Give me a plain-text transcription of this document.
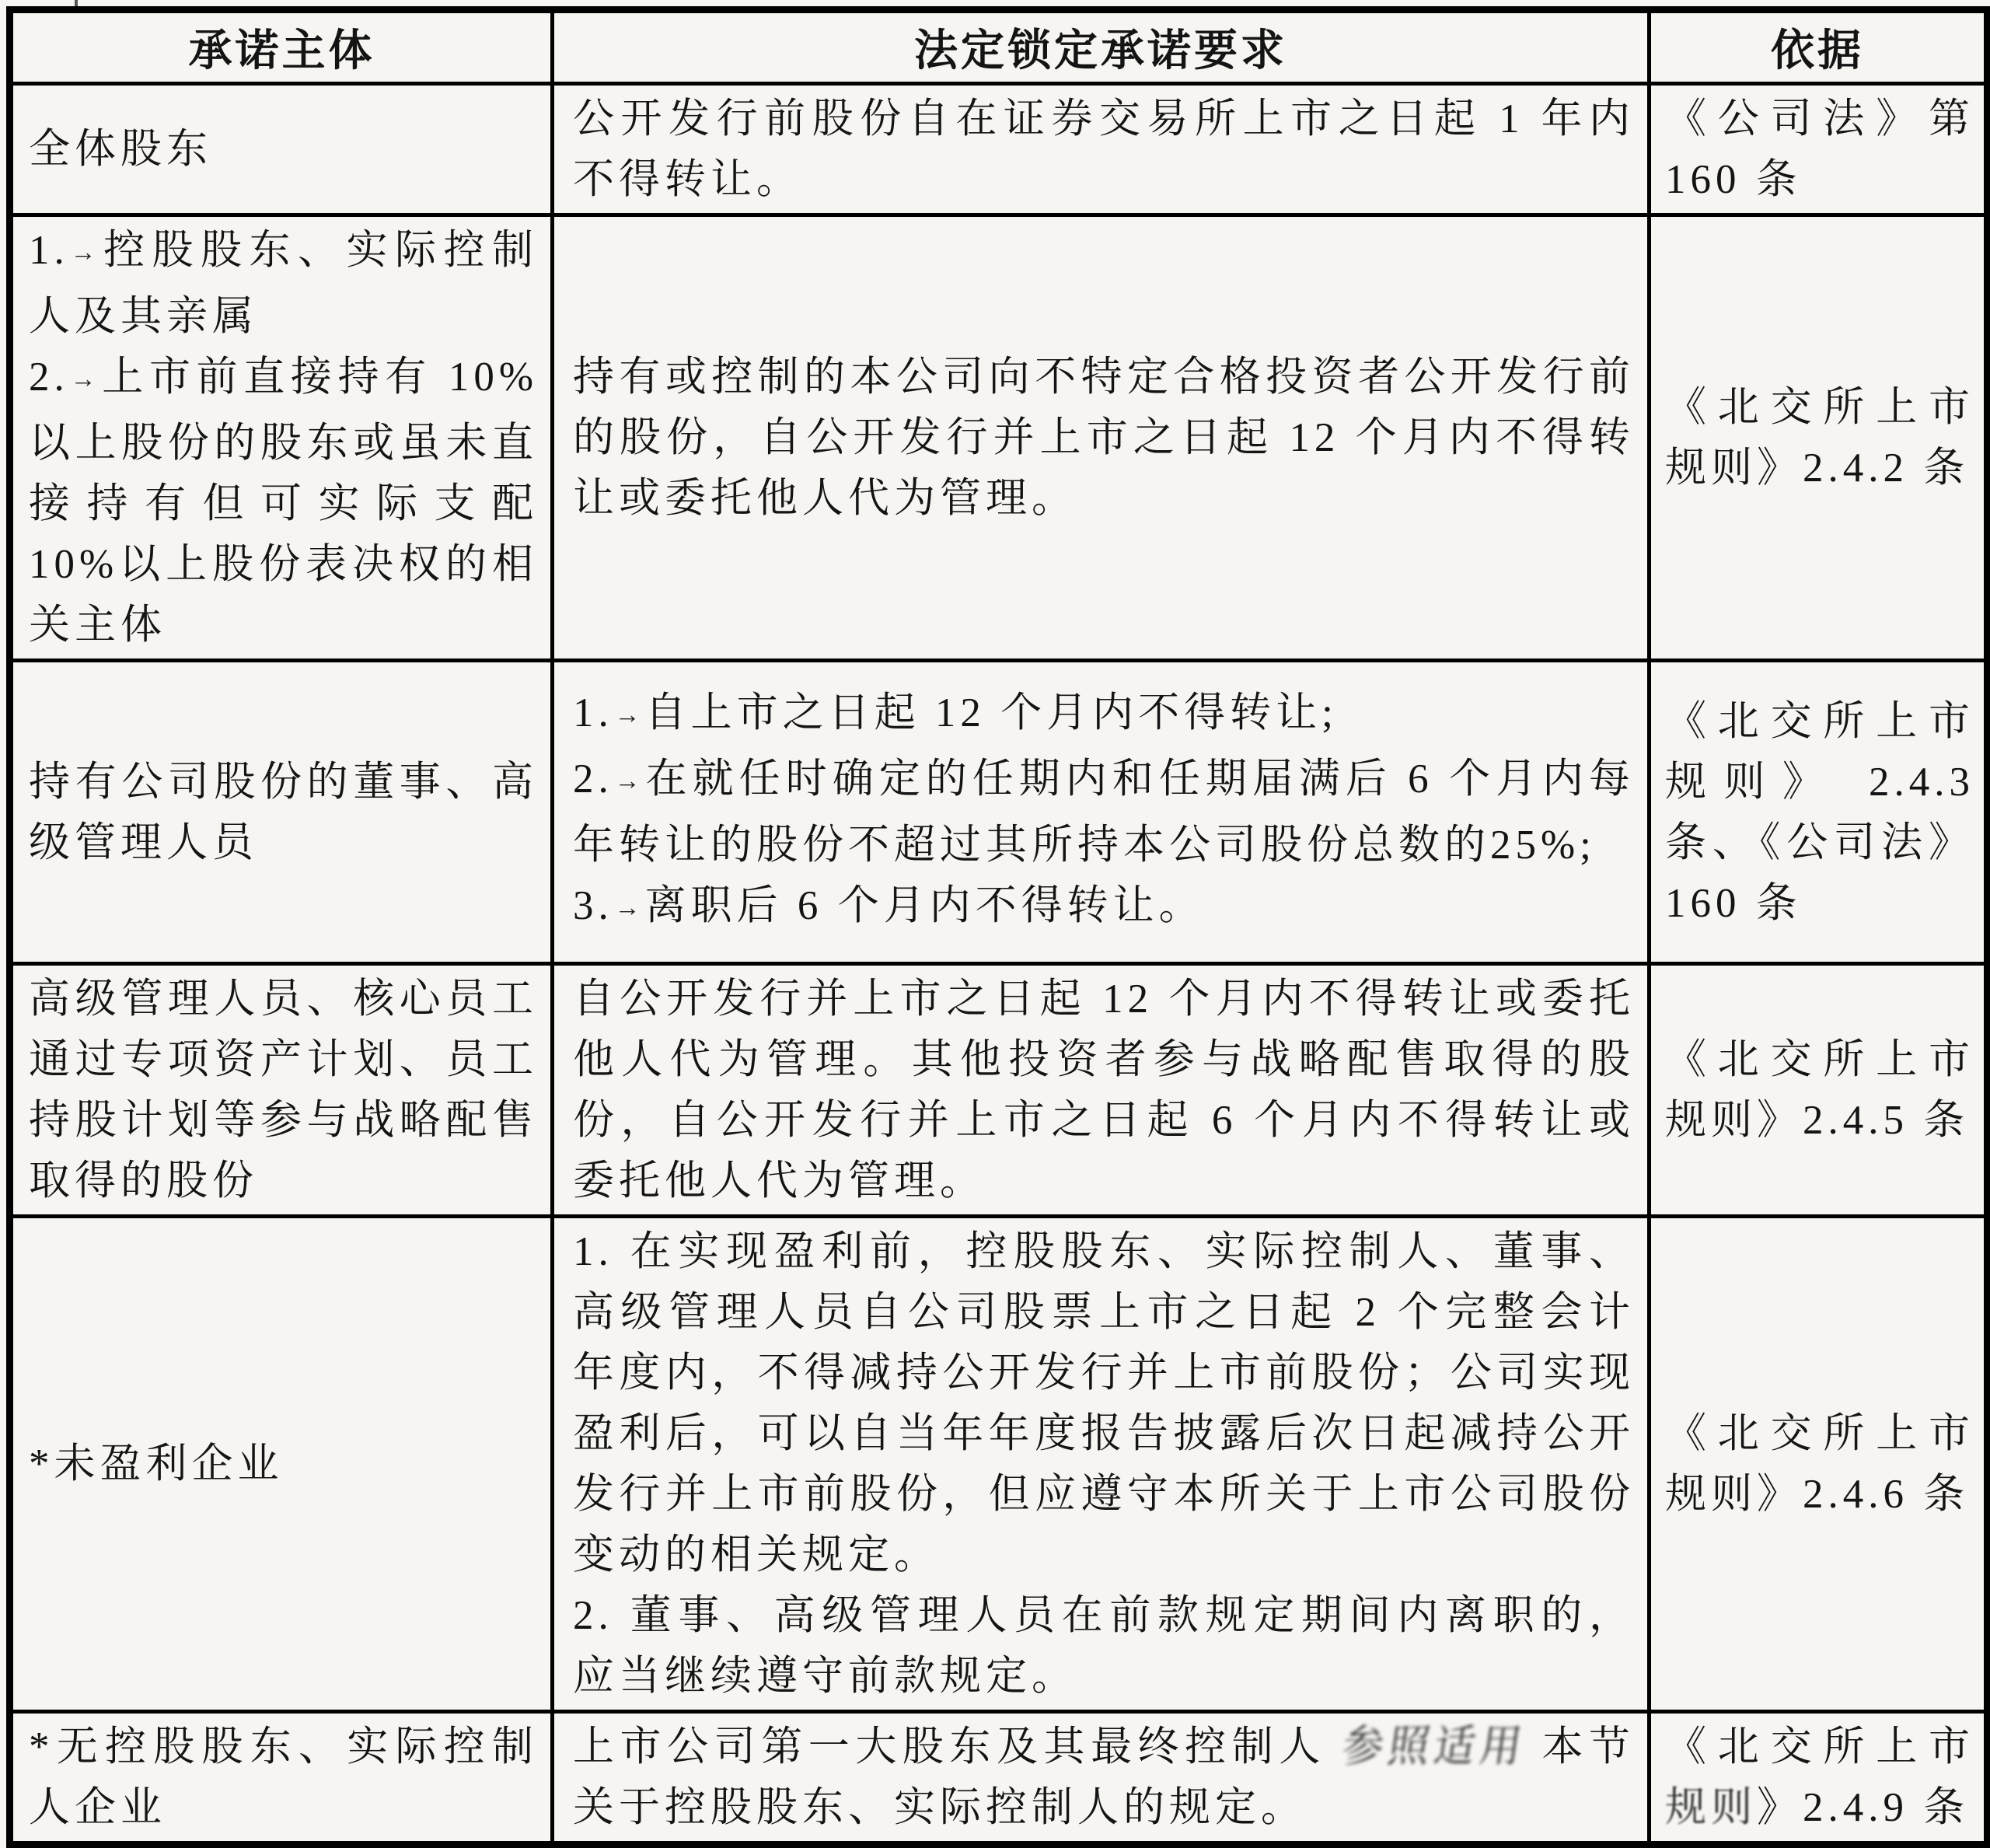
承诺主体	法定锁定承诺要求	依据

全体股东	公开发行前股份自在证券交易所上市之日起 1 年内不得转让。	《公司法》第 160 条

1.→ 控股股东、实际控制人及其亲属

2.→ 上市前直接持有 10%以上股份的股东或虽未直接持有但可实际支配 10%以上股份表决权的相关主体	持有或控制的本公司向不特定合格投资者公开发行前的股份，自公开发行并上市之日起 12 个月内不得转让或委托他人代为管理。	《北交所上市规则》2.4.2 条

持有公司股份的董事、高级管理人员	1.→ 自上市之日起 12 个月内不得转让;

2.→ 在就任时确定的任期内和任期届满后 6 个月内每年转让的股份不超过其所持本公司股份总数的25%;

3.→ 离职后 6 个月内不得转让。	《北交所上市规则》 2.4.3 条、《公司法》160 条

高级管理人员、核心员工通过专项资产计划、员工持股计划等参与战略配售取得的股份	自公开发行并上市之日起 12 个月内不得转让或委托他人代为管理。其他投资者参与战略配售取得的股份，自公开发行并上市之日起 6 个月内不得转让或委托他人代为管理。	《北交所上市规则》2.4.5 条

*未盈利企业	1. 在实现盈利前，控股股东、实际控制人、董事、高级管理人员自公司股票上市之日起 2 个完整会计年度内，不得减持公开发行并上市前股份；公司实现盈利后，可以自当年年度报告披露后次日起减持公开发行并上市前股份，但应遵守本所关于上市公司股份变动的相关规定。

2. 董事、高级管理人员在前款规定期间内离职的，应当继续遵守前款规定。	《北交所上市规则》2.4.6 条

*无控股股东、实际控制人企业	上市公司第一大股东及其最终控制人 参照适用 本节关于控股股东、实际控制人的规定。	《北交所上市规则》2.4.9 条
